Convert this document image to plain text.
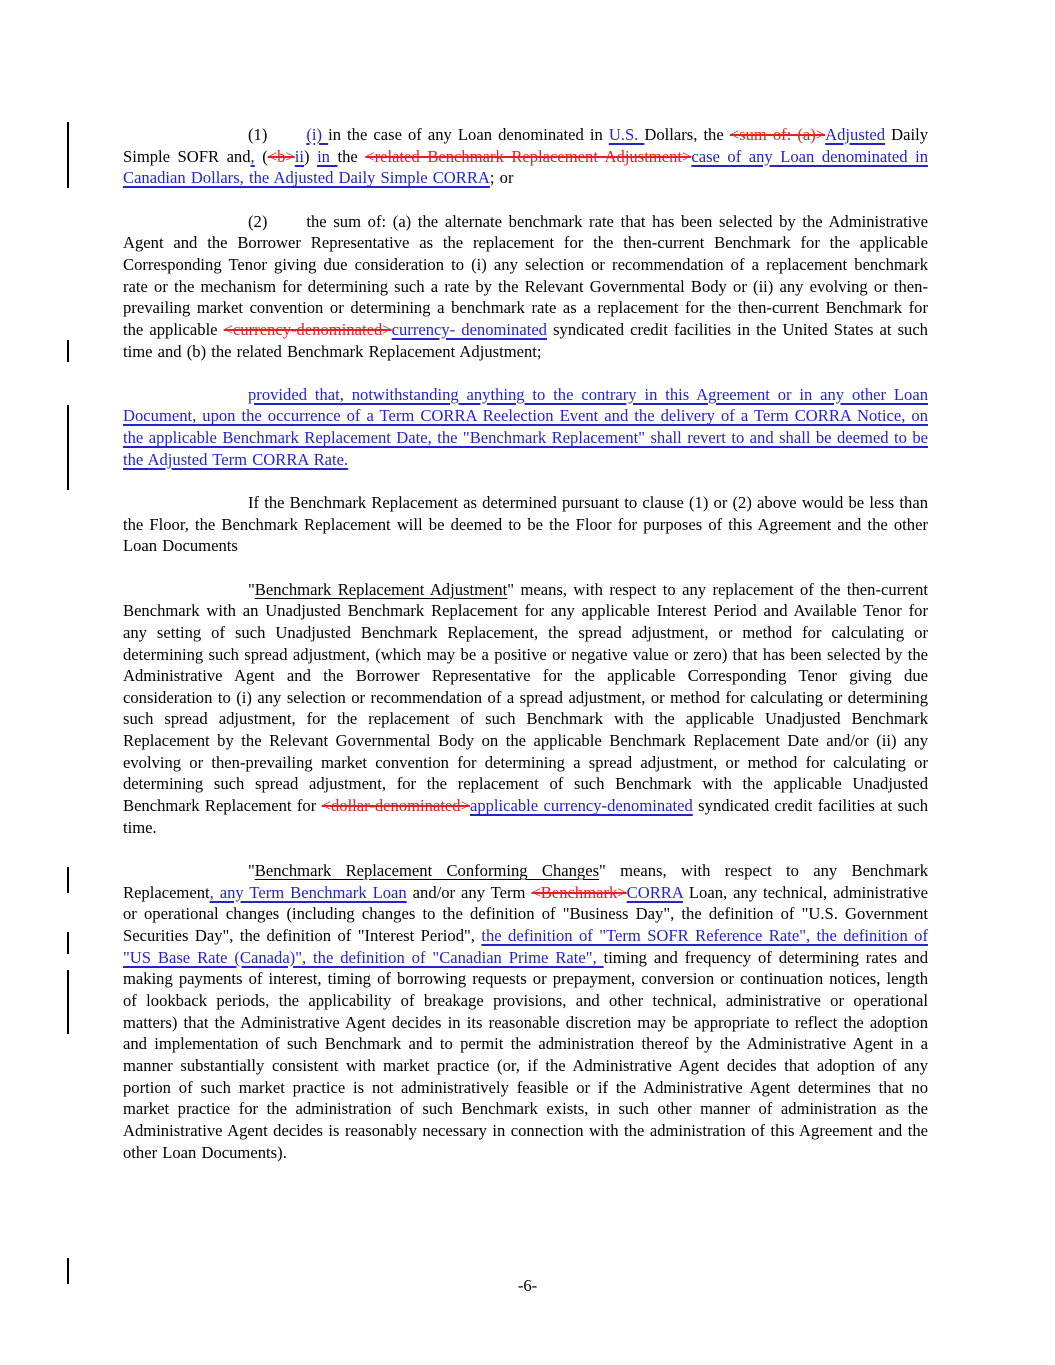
(1) (i) in the case of any Loan denominated in U.S. Dollars, the <sum of: (a)>Adjusted Daily Simple SOFR and, (<b>ii) in the <related Benchmark Replacement Adjustment>case of any Loan denominated in Canadian Dollars, the Adjusted Daily Simple CORRA; or

(2) the sum of: (a) the alternate benchmark rate that has been selected by the Administrative Agent and the Borrower Representative as the replacement for the then-current Benchmark for the applicable Corresponding Tenor giving due consideration to (i) any selection or recommendation of a replacement benchmark rate or the mechanism for determining such a rate by the Relevant Governmental Body or (ii) any evolving or then-prevailing market convention or determining a benchmark rate as a replacement for the then-current Benchmark for the applicable <currency-denominated>currency- denominated syndicated credit facilities in the United States at such time and (b) the related Benchmark Replacement Adjustment;

provided that, notwithstanding anything to the contrary in this Agreement or in any other Loan Document, upon the occurrence of a Term CORRA Reelection Event and the delivery of a Term CORRA Notice, on the applicable Benchmark Replacement Date, the "Benchmark Replacement" shall revert to and shall be deemed to be the Adjusted Term CORRA Rate.

If the Benchmark Replacement as determined pursuant to clause (1) or (2) above would be less than the Floor, the Benchmark Replacement will be deemed to be the Floor for purposes of this Agreement and the other Loan Documents

"Benchmark Replacement Adjustment" means, with respect to any replacement of the then-current Benchmark with an Unadjusted Benchmark Replacement for any applicable Interest Period and Available Tenor for any setting of such Unadjusted Benchmark Replacement, the spread adjustment, or method for calculating or determining such spread adjustment, (which may be a positive or negative value or zero) that has been selected by the Administrative Agent and the Borrower Representative for the applicable Corresponding Tenor giving due consideration to (i) any selection or recommendation of a spread adjustment, or method for calculating or determining such spread adjustment, for the replacement of such Benchmark with the applicable Unadjusted Benchmark Replacement by the Relevant Governmental Body on the applicable Benchmark Replacement Date and/or (ii) any evolving or then-prevailing market convention for determining a spread adjustment, or method for calculating or determining such spread adjustment, for the replacement of such Benchmark with the applicable Unadjusted Benchmark Replacement for <dollar-denominated>applicable currency-denominated syndicated credit facilities at such time.

"Benchmark Replacement Conforming Changes" means, with respect to any Benchmark Replacement, any Term Benchmark Loan and/or any Term <Benchmark>CORRA Loan, any technical, administrative or operational changes (including changes to the definition of "Business Day", the definition of "U.S. Government Securities Day", the definition of "Interest Period", the definition of "Term SOFR Reference Rate", the definition of "US Base Rate (Canada)", the definition of "Canadian Prime Rate", timing and frequency of determining rates and making payments of interest, timing of borrowing requests or prepayment, conversion or continuation notices, length of lookback periods, the applicability of breakage provisions, and other technical, administrative or operational matters) that the Administrative Agent decides in its reasonable discretion may be appropriate to reflect the adoption and implementation of such Benchmark and to permit the administration thereof by the Administrative Agent in a manner substantially consistent with market practice (or, if the Administrative Agent decides that adoption of any portion of such market practice is not administratively feasible or if the Administrative Agent determines that no market practice for the administration of such Benchmark exists, in such other manner of administration as the Administrative Agent decides is reasonably necessary in connection with the administration of this Agreement and the other Loan Documents).

-6-
